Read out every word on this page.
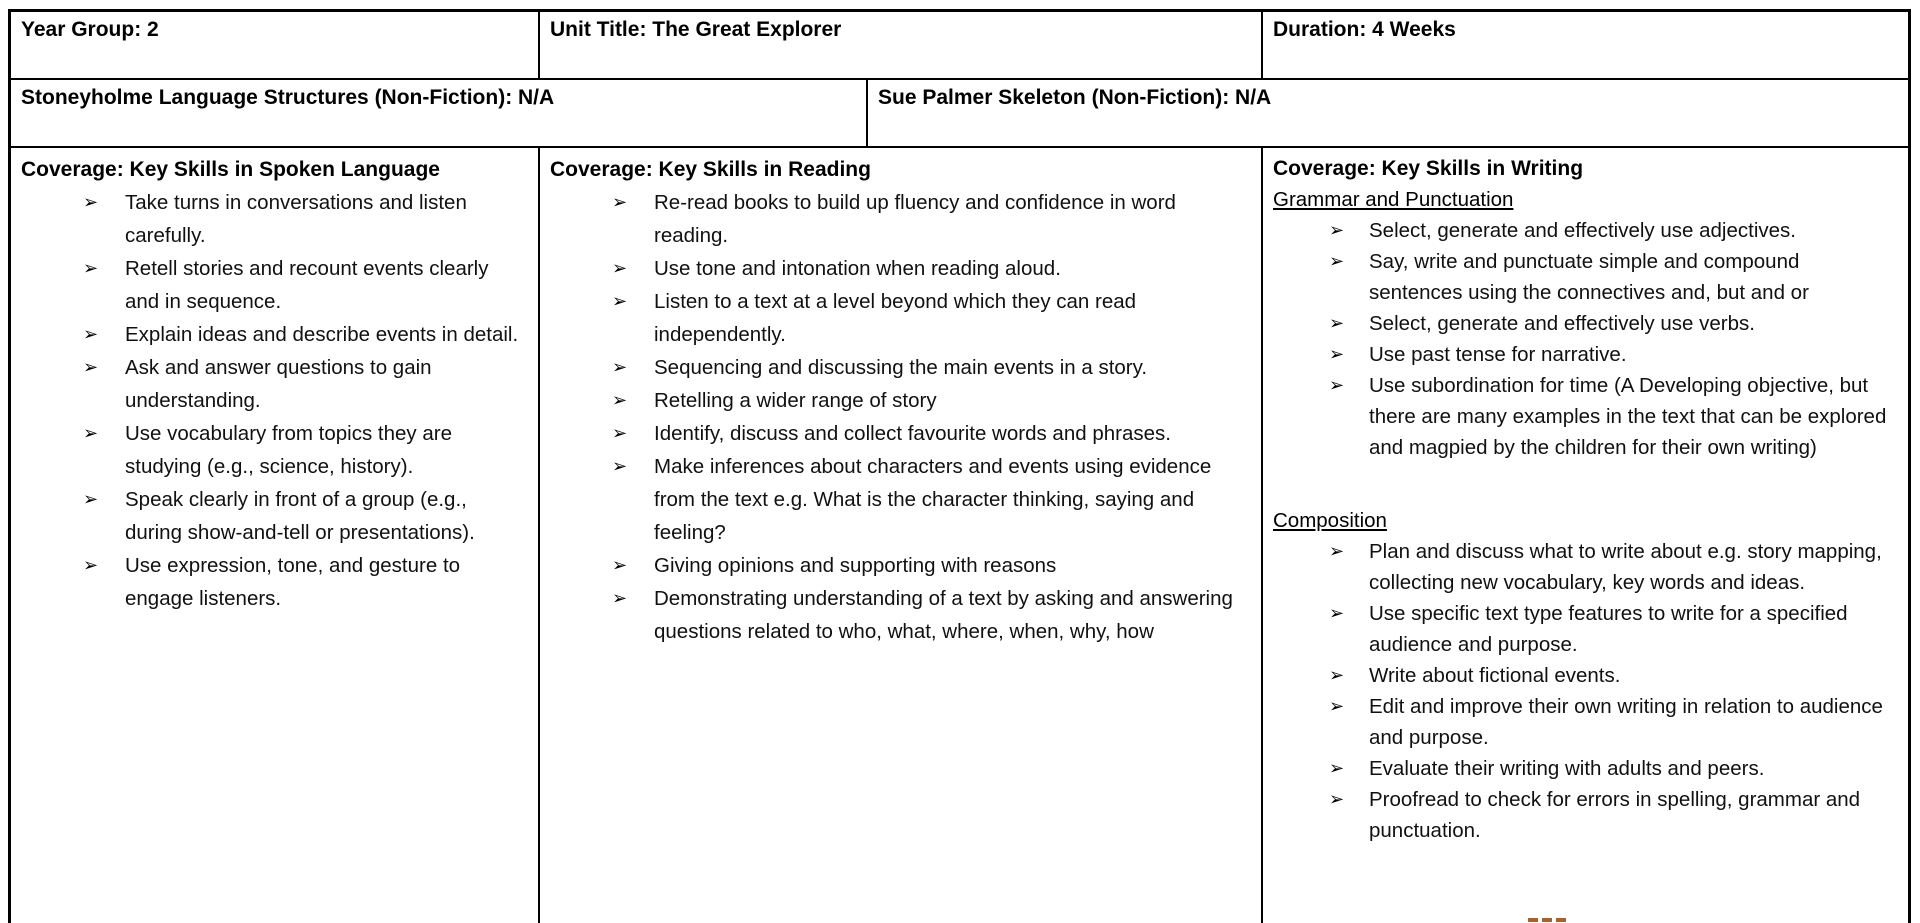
Year Group: 2	Unit Title: The Great Explorer	Duration: 4 Weeks
Stoneyholme Language Structures (Non-Fiction): N/A	Sue Palmer Skeleton (Non-Fiction): N/A
Coverage: Key Skills in Spoken Language
➢ Take turns in conversations and listen carefully.
➢ Retell stories and recount events clearly and in sequence.
➢ Explain ideas and describe events in detail.
➢ Ask and answer questions to gain understanding.
➢ Use vocabulary from topics they are studying (e.g., science, history).
➢ Speak clearly in front of a group (e.g., during show-and-tell or presentations).
➢ Use expression, tone, and gesture to engage listeners.
Coverage: Key Skills in Reading
➢ Re-read books to build up fluency and confidence in word reading.
➢ Use tone and intonation when reading aloud.
➢ Listen to a text at a level beyond which they can read independently.
➢ Sequencing and discussing the main events in a story.
➢ Retelling a wider range of story
➢ Identify, discuss and collect favourite words and phrases.
➢ Make inferences about characters and events using evidence from the text e.g. What is the character thinking, saying and feeling?
➢ Giving opinions and supporting with reasons
➢ Demonstrating understanding of a text by asking and answering questions related to who, what, where, when, why, how
Coverage: Key Skills in Writing
Grammar and Punctuation
➢ Select, generate and effectively use adjectives.
➢ Say, write and punctuate simple and compound sentences using the connectives and, but and or
➢ Select, generate and effectively use verbs.
➢ Use past tense for narrative.
➢ Use subordination for time (A Developing objective, but there are many examples in the text that can be explored and magpied by the children for their own writing)
Composition
➢ Plan and discuss what to write about e.g. story mapping, collecting new vocabulary, key words and ideas.
➢ Use specific text type features to write for a specified audience and purpose.
➢ Write about fictional events.
➢ Edit and improve their own writing in relation to audience and purpose.
➢ Evaluate their writing with adults and peers.
➢ Proofread to check for errors in spelling, grammar and punctuation.
